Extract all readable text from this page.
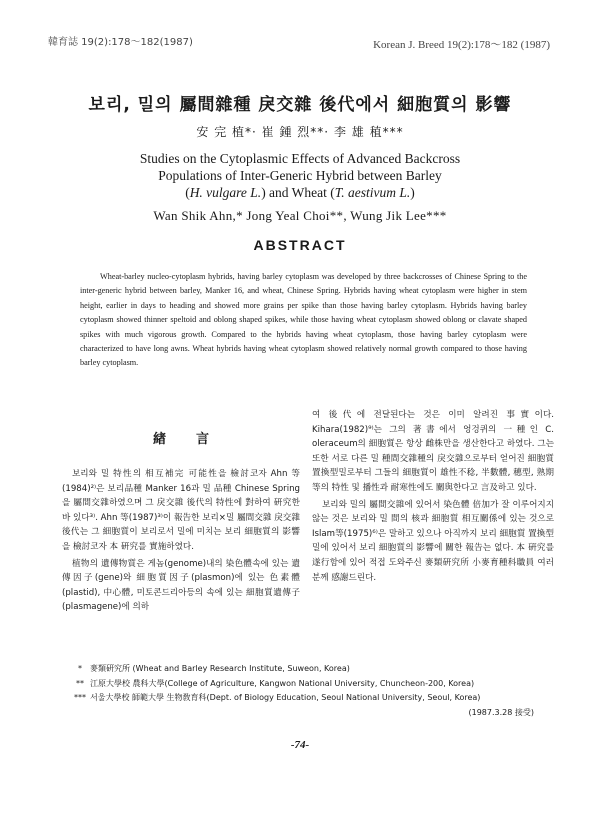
韓育誌 19(2):178～182(1987)	Korean J. Breed 19(2):178～182 (1987)
보리, 밀의 屬間雜種 戾交雜 後代에서 細胞質의 影響
安 完 植*· 崔 鍾 烈**· 李 雄 稙***
Studies on the Cytoplasmic Effects of Advanced Backcross
Populations of Inter-Generic Hybrid between Barley
(H. vulgare L.) and Wheat (T. aestivum L.)
Wan Shik Ahn,* Jong Yeal Choi**, Wung Jik Lee***
ABSTRACT
Wheat-barley nucleo-cytoplasm hybrids, having barley cytoplasm was developed by three backcrosses of Chinese Spring to the inter-generic hybrid between barley, Manker 16, and wheat, Chinese Spring. Hybrids having wheat cytoplasm were higher in stem height, earlier in days to heading and showed more grains per spike than those having barley cytoplasm. Hybrids having barley cytoplasm showed thinner speltoid and oblong shaped spikes, while those having wheat cytoplasm showed oblong or clavate shaped spikes with much vigorous growth. Compared to the hybrids having wheat cytoplasm, those having barley cytoplasm were characterized to have long awns. Wheat hybrids having wheat cytoplasm showed relatively normal growth compared to those having barley cytoplasm.
緖言

보리와 밀 特性의 相互補完 可能性을 檢討코자 Ahn 等(1984)²⁾은 보리品種 Manker 16과 밀 品種 Chinese Spring을 屬間交雜하였으며 그 戾交雜 後代의 特性에 對하여 硏究한 바 있다³⁾. Ahn 等(1987)³⁾이 報告한 보리×밀 屬間交雜 戾交雜後代는 그 細胞質이 보리로서 밀에 미치는 보리 細胞質의 影響을 檢討코자 本 硏究를 實施하였다.

植物의 遺傳物質은 게놈(genome)내의 染色體속에 있는 遺傳因子(gene)와 細胞質因子(plasmon)에 있는 色素體(plastid), 中心體, 미토콘드리아등의 속에 있는 細胞質遺傳子(plasmagene)에 의하

여 後代에 전달된다는 것은 이미 알려진 事實이다. Kihara(1982)⁹⁾는 그의 著書에서 엉겅퀴의 一種인 C. oleraceum의 細胞質은 항상 雌株만을 생산한다고 하였다. 그는 또한 서로 다른 밀 種間交雜種의 戾交雜으로부터 얻어진 細胞質 置換型밀로부터 그들의 細胞質이 雄性不稔, 半數體, 穗型, 熟期等의 特性 및 播性과 耐寒性에도 關與한다고 言及하고 있다.

보리와 밀의 屬間交雜에 있어서 染色體 倍加가 잘 이루어지지 않는 것은 보리와 밀 間의 核과 細胞質 相互關係에 있는 것으로 Islam等(1975)⁶⁾은 말하고 있으나 아직까지 보리 細胞質 置換型 밀에 있어서 보리 細胞質의 影響에 關한 報告는 없다. 本 硏究를 遂行함에 있어 적접 도와주신 麥類硏究所 小麥育種科職員 여러분께 感謝드린다.

*	麥類硏究所 (Wheat and Barley Research Institute, Suweon, Korea)
** 江原大學校 農科大學(College of Agriculture, Kangwon National University, Chuncheon-200, Korea)
*** 서울大學校 師範大學 生物敎育科(Dept. of Biology Education, Seoul National University, Seoul, Korea)
(1987.3.28 接受)
-74-
